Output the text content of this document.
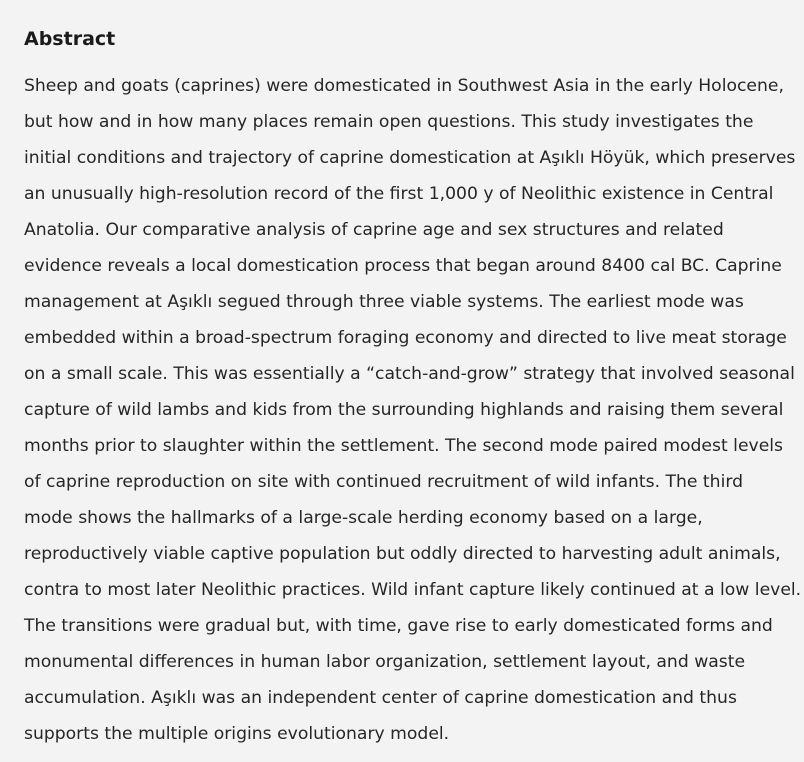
Abstract
Sheep and goats (caprines) were domesticated in Southwest Asia in the early Holocene,
but how and in how many places remain open questions. This study investigates the
initial conditions and trajectory of caprine domestication at Aşıklı Höyük, which preserves
an unusually high-resolution record of the first 1,000 y of Neolithic existence in Central
Anatolia. Our comparative analysis of caprine age and sex structures and related
evidence reveals a local domestication process that began around 8400 cal BC. Caprine
management at Aşıklı segued through three viable systems. The earliest mode was
embedded within a broad-spectrum foraging economy and directed to live meat storage
on a small scale. This was essentially a “catch-and-grow” strategy that involved seasonal
capture of wild lambs and kids from the surrounding highlands and raising them several
months prior to slaughter within the settlement. The second mode paired modest levels
of caprine reproduction on site with continued recruitment of wild infants. The third
mode shows the hallmarks of a large-scale herding economy based on a large,
reproductively viable captive population but oddly directed to harvesting adult animals,
contra to most later Neolithic practices. Wild infant capture likely continued at a low level.
The transitions were gradual but, with time, gave rise to early domesticated forms and
monumental differences in human labor organization, settlement layout, and waste
accumulation. Aşıklı was an independent center of caprine domestication and thus
supports the multiple origins evolutionary model.
